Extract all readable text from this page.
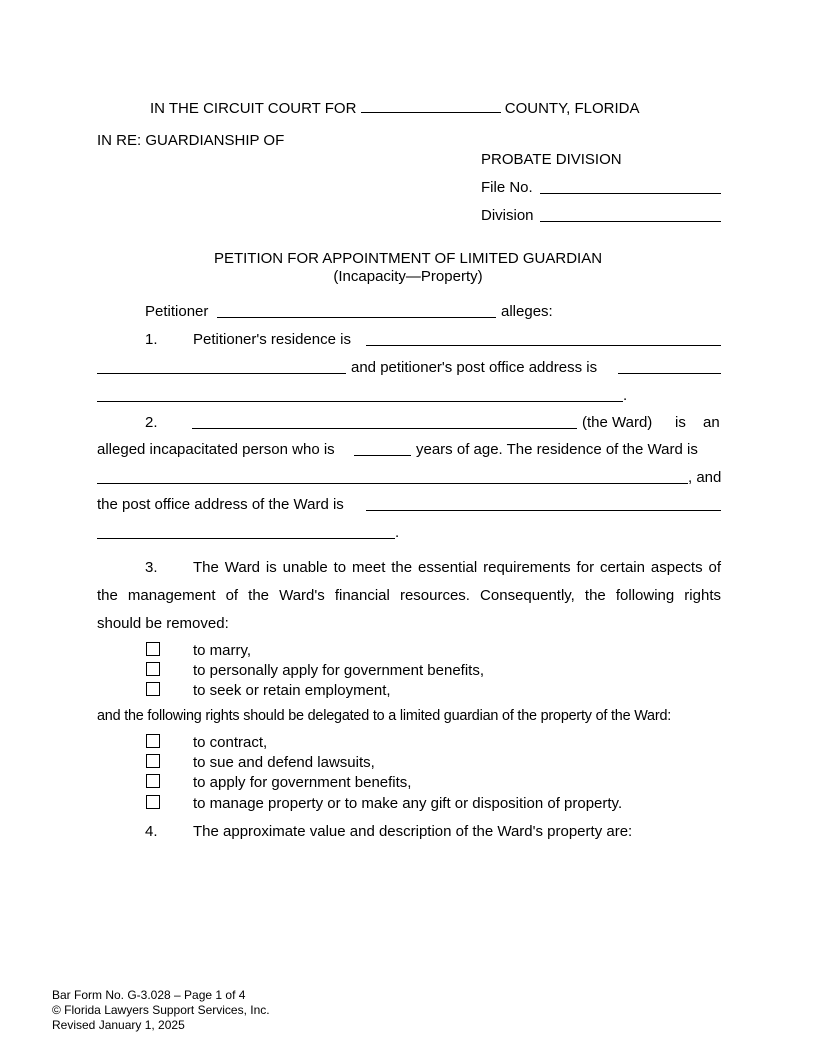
IN THE CIRCUIT COURT FOR	COUNTY, FLORIDA
IN RE: GUARDIANSHIP OF
PROBATE DIVISION
File No.
Division
PETITION FOR APPOINTMENT OF LIMITED GUARDIAN
(Incapacity—Property)
Petitioner	alleges:
1. Petitioner's residence is
and petitioner's post office address is
.
2.	(the Ward) is an
alleged incapacitated person who is	years of age. The residence of the Ward is
, and
the post office address of the Ward is
.
3. The Ward is unable to meet the essential requirements for certain aspects of
the management of the Ward's financial resources. Consequently, the following rights
should be removed:
to marry,
to personally apply for government benefits,
to seek or retain employment,
and the following rights should be delegated to a limited guardian of the property of the Ward:
to contract,
to sue and defend lawsuits,
to apply for government benefits,
to manage property or to make any gift or disposition of property.
4. The approximate value and description of the Ward's property are:
Bar Form No. G-3.028 – Page 1 of 4
© Florida Lawyers Support Services, Inc.
Revised January 1, 2025
